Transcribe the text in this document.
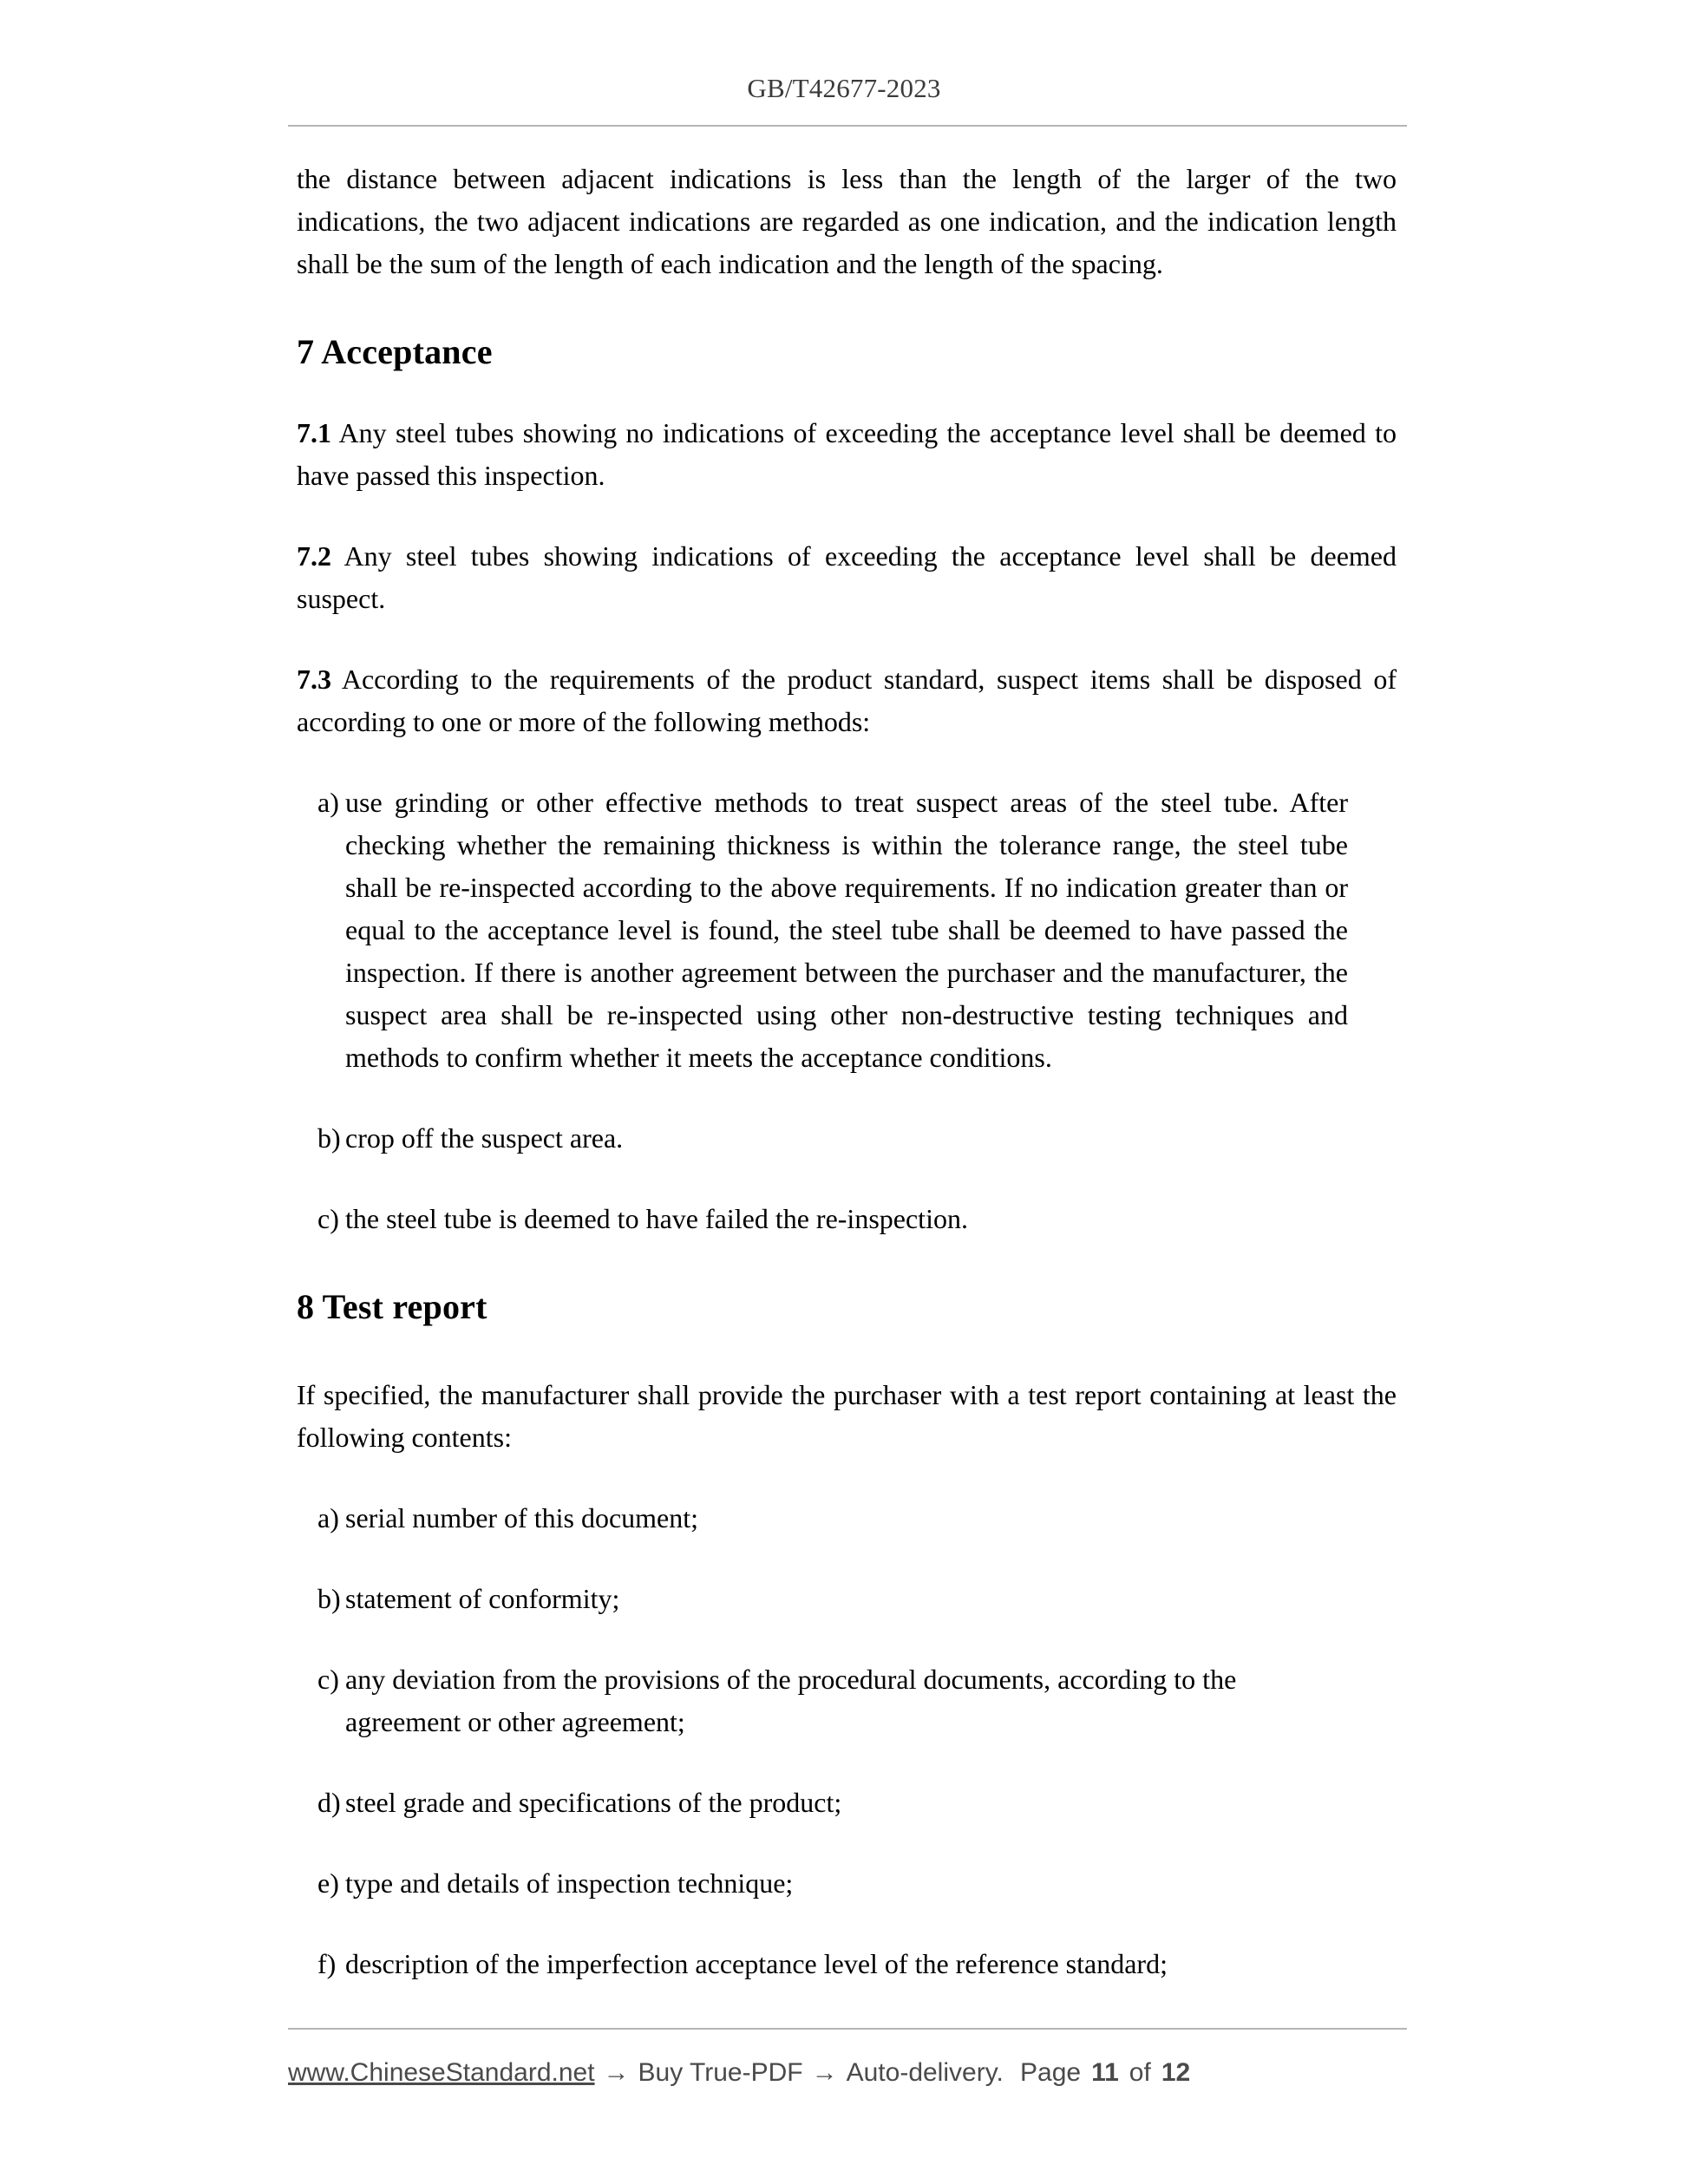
GB/T42677-2023

the distance between adjacent indications is less than the length of the larger of the two indications, the two adjacent indications are regarded as one indication, and the indication length shall be the sum of the length of each indication and the length of the spacing.

7 Acceptance

7.1 Any steel tubes showing no indications of exceeding the acceptance level shall be deemed to have passed this inspection.

7.2 Any steel tubes showing indications of exceeding the acceptance level shall be deemed suspect.

7.3 According to the requirements of the product standard, suspect items shall be disposed of according to one or more of the following methods:

a) use grinding or other effective methods to treat suspect areas of the steel tube. After checking whether the remaining thickness is within the tolerance range, the steel tube shall be re-inspected according to the above requirements. If no indication greater than or equal to the acceptance level is found, the steel tube shall be deemed to have passed the inspection. If there is another agreement between the purchaser and the manufacturer, the suspect area shall be re-inspected using other non-destructive testing techniques and methods to confirm whether it meets the acceptance conditions.
b) crop off the suspect area.
c) the steel tube is deemed to have failed the re-inspection.
8 Test report

If specified, the manufacturer shall provide the purchaser with a test report containing at least the following contents:

a) serial number of this document;
b) statement of conformity;
c) any deviation from the provisions of the procedural documents, according to the agreement or other agreement;
d) steel grade and specifications of the product;
e) type and details of inspection technique;
f) description of the imperfection acceptance level of the reference standard;
www.ChineseStandard.net → Buy True-PDF → Auto-delivery. Page 11 of 12
